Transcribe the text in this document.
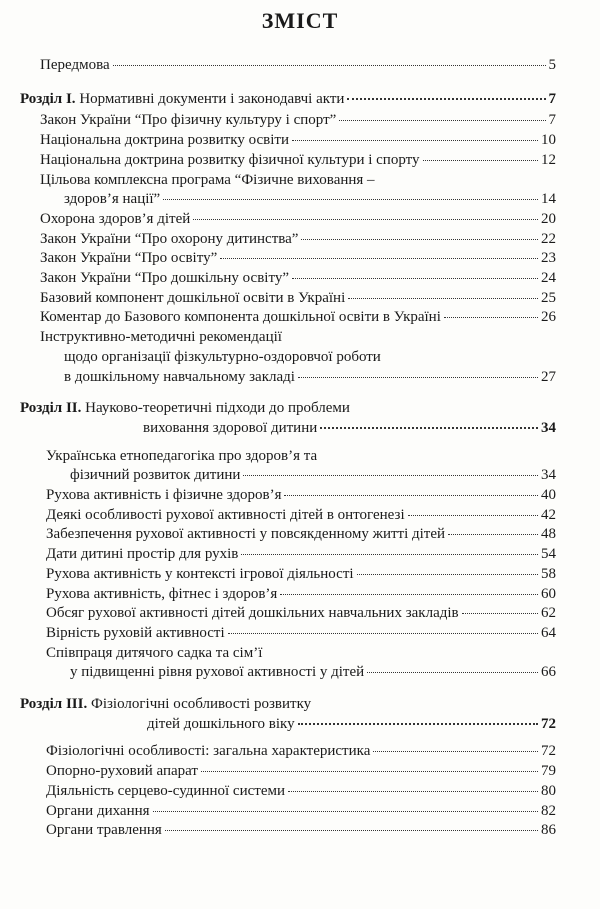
ЗМІСТ
Передмова	5
Розділ І. Нормативні документи і законодавчі акти	7
Закон України “Про фізичну культуру і спорт”	7
Національна доктрина розвитку освіти	10
Національна доктрина розвитку фізичної культури і спорту	12
Цільова комплексна програма “Фізичне виховання –
здоров’я нації”	14
Охорона здоров’я дітей	20
Закон України “Про охорону дитинства”	22
Закон України “Про освіту”	23
Закон України “Про дошкільну освіту”	24
Базовий компонент дошкільної освіти в Україні	25
Коментар до Базового компонента дошкільної освіти в Україні	26
Інструктивно-методичні рекомендації
щодо організації фізкультурно-оздоровчої роботи
в дошкільному навчальному закладі	27
Розділ II. Науково-теоретичні підходи до проблеми
виховання здорової дитини	34
Українська етнопедагогіка про здоров’я та
фізичний розвиток дитини	34
Рухова активність і фізичне здоров’я	40
Деякі особливості рухової активності дітей в онтогенезі	42
Забезпечення рухової активності у повсякденному житті дітей	48
Дати дитині простір для рухів	54
Рухова активність у контексті ігрової діяльності	58
Рухова активність, фітнес і здоров’я	60
Обсяг рухової активності дітей дошкільних навчальних закладів	62
Вірність руховій активності	64
Співпраця дитячого садка та сім’ї
у підвищенні рівня рухової активності у дітей	66
Розділ III. Фізіологічні особливості розвитку
дітей дошкільного віку	72
Фізіологічні особливості: загальна характеристика	72
Опорно-руховий апарат	79
Діяльність серцево-судинної системи	80
Органи дихання	82
Органи травлення	86
